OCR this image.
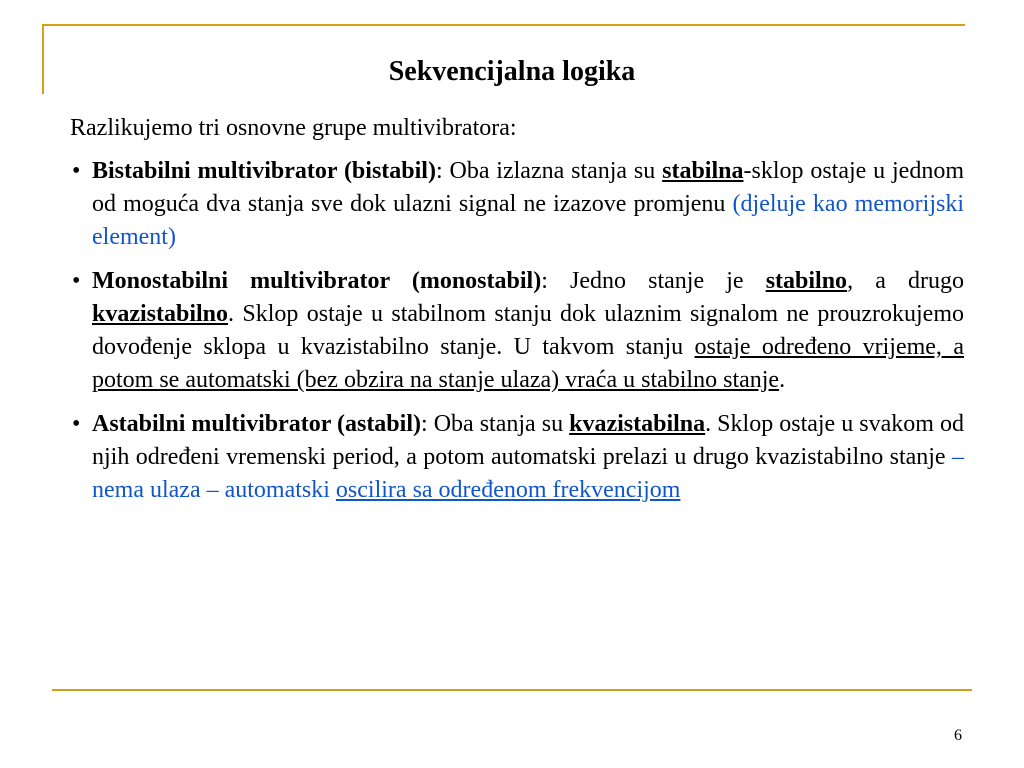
Sekvencijalna logika

Razlikujemo tri osnovne grupe multivibratora:

• Bistabilni multivibrator (bistabil): Oba izlazna stanja su stabilna-sklop ostaje u jednom od moguća dva stanja sve dok ulazni signal ne izazove promjenu (djeluje kao memorijski element)

• Monostabilni multivibrator (monostabil): Jedno stanje je stabilno, a drugo kvazistabilno. Sklop ostaje u stabilnom stanju dok ulaznim signalom ne prouzrokujemo dovođenje sklopa u kvazistabilno stanje. U takvom stanju ostaje određeno vrijeme, a potom se automatski (bez obzira na stanje ulaza) vraća u stabilno stanje.

• Astabilni multivibrator (astabil): Oba stanja su kvazistabilna. Sklop ostaje u svakom od njih određeni vremenski period, a potom automatski prelazi u drugo kvazistabilno stanje – nema ulaza – automatski oscilira sa određenom frekvencijom

6
